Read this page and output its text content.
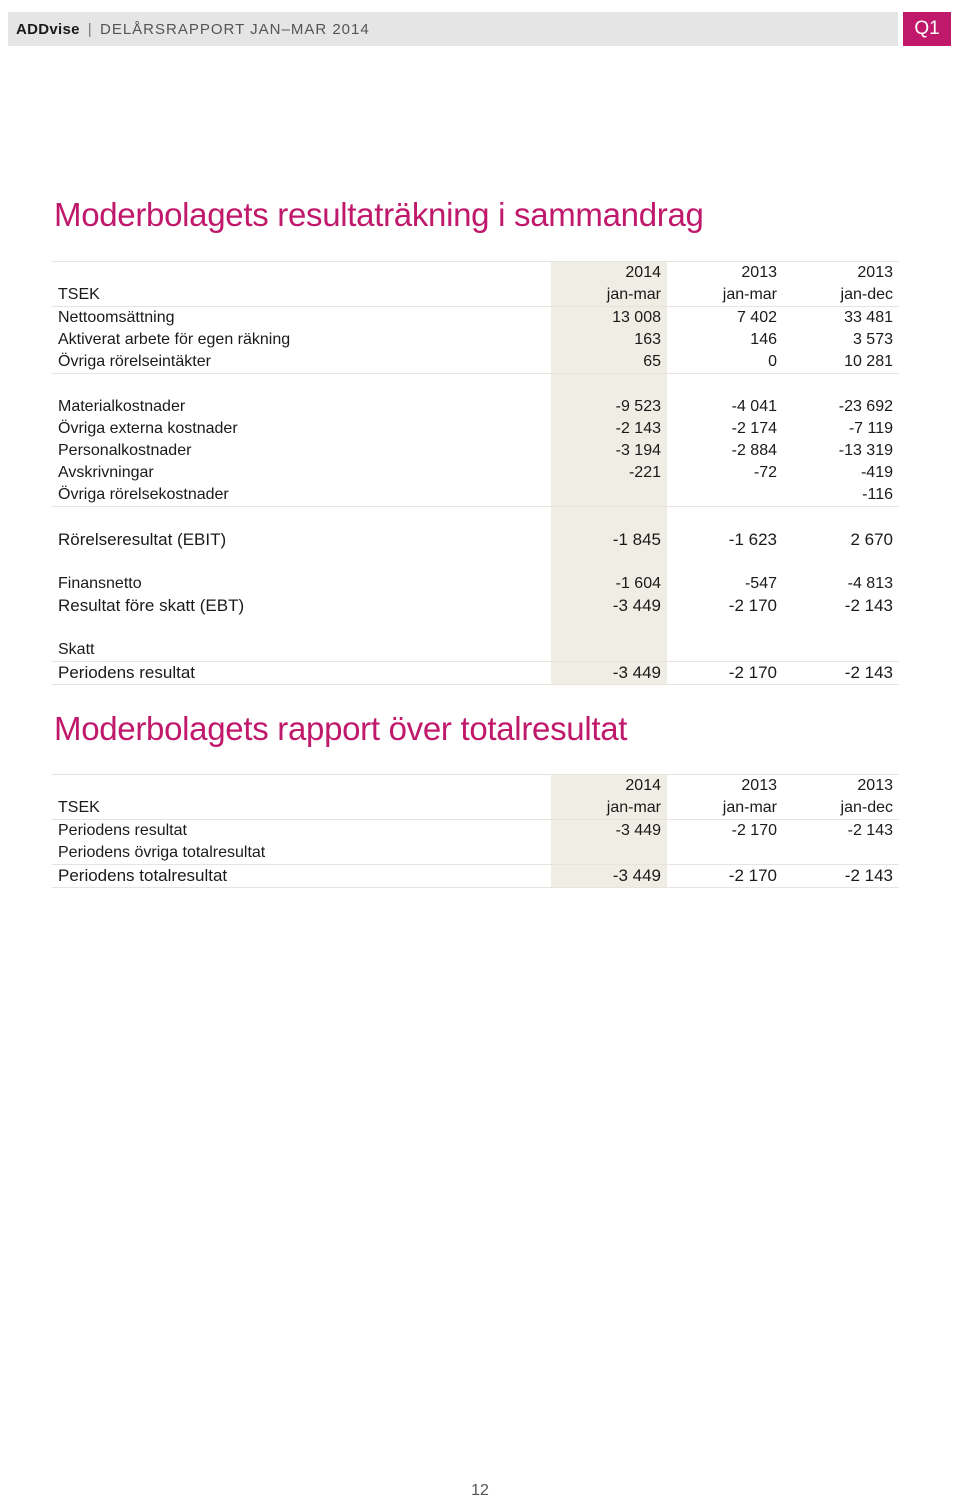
ADDvise | DELÅRSRAPPORT JAN–MAR 2014	Q1
Moderbolagets resultaträkning i sammandrag
	2014	2013	2013
TSEK	jan-mar	jan-mar	jan-dec
Nettoomsättning	13 008	7 402	33 481
Aktiverat arbete för egen räkning	163	146	3 573
Övriga rörelseintäkter	65	0	10 281

Materialkostnader	-9 523	-4 041	-23 692
Övriga externa kostnader	-2 143	-2 174	-7 119
Personalkostnader	-3 194	-2 884	-13 319
Avskrivningar	-221	-72	-419
Övriga rörelsekostnader			-116

Rörelseresultat (EBIT)	-1 845	-1 623	2 670

Finansnetto	-1 604	-547	-4 813
Resultat före skatt (EBT)	-3 449	-2 170	-2 143

Skatt			
Periodens resultat	-3 449	-2 170	-2 143
Moderbolagets rapport över totalresultat
	2014	2013	2013
TSEK	jan-mar	jan-mar	jan-dec
Periodens resultat	-3 449	-2 170	-2 143
Periodens övriga totalresultat			
Periodens totalresultat	-3 449	-2 170	-2 143
12
